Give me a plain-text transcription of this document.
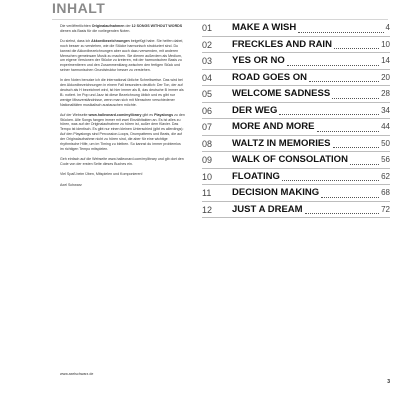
INHALT

Die veröffentlichten Originalaufnahmen der 12 SONGS WITHOUT WORDS dienen als Basis für die vorliegenden Noten.

Du siehst, dass ich Akkordbezeichnungen beigefügt habe. Sie helfen dabei, noch besser zu verstehen, wie die Stücke harmonisch strukturiert sind. Du kannst die Akkordbezeichnungen aber auch dazu verwenden, mit anderen Menschen gemeinsam Musik zu machen. Sie dienen außerdem als Medium, um eigene Versionen der Stücke zu kreieren, mit der harmonischen Basis zu experimentieren und den Zusammenklang zwischen den fertigen Stück und seiner harmonischen Grundstruktur besser zu verstehen.

In den Noten benutze ich die international übliche Schreibweise. Das wird bei den Akkordbezeichnungen in einem Fall besonders deutlich: Der Ton, der auf deutsch als H bezeichnet wird, ist hier immer als B, das deutsche B immer als B♭ notiert. Im Pop und Jazz ist diese Bezeichnung üblich und es gibt nur wenige Missverständnisse, wenn man sich mit Menschen verschiedener Nationalitäten musikalisch austauschen möchte.

Auf der Webseite www.halleonard.com/mylibrary gibt es Playalongs zu den Stücken. Alle Songs fangen immer mit zwei Einzähltakten an. Es ist alles zu hören, was auf der Originalaufnahme zu hören ist, außer dem Klavier. Das Tempo ist identisch. Es gibt nur einen kleinen Unterschied (gibt es allerdings): Auf den Playalongs sind Percussion-Loops, Drumpatterns und Beats, die auf der Originalaufnahme nicht zu hören sind, die aber für eine wichtige rhythmische Hilfe, um im Timing zu bleiben. So kannst du immer problemlos im richtigen Tempo mitspielen.

Geh einfach auf die Webseite www.halleonard.com/mylibrary und gib dort den Code von der ersten Seite dieses Buches ein.

Viel Spaß beim Üben, Mitspielen und Komponieren!

Axel Schwarz

01 MAKE A WISH	4
02 FRECKLES AND RAIN	10
03 YES OR NO	14
04 ROAD GOES ON	20
05 WELCOME SADNESS	28
06 DER WEG	34
07 MORE AND MORE	44
08 WALTZ IN MEMORIES	50
09 WALK OF CONSOLATION	56
10 FLOATING	62
11 DECISION MAKING	68
12 JUST A DREAM	72
www.axelschwarz.de
3
